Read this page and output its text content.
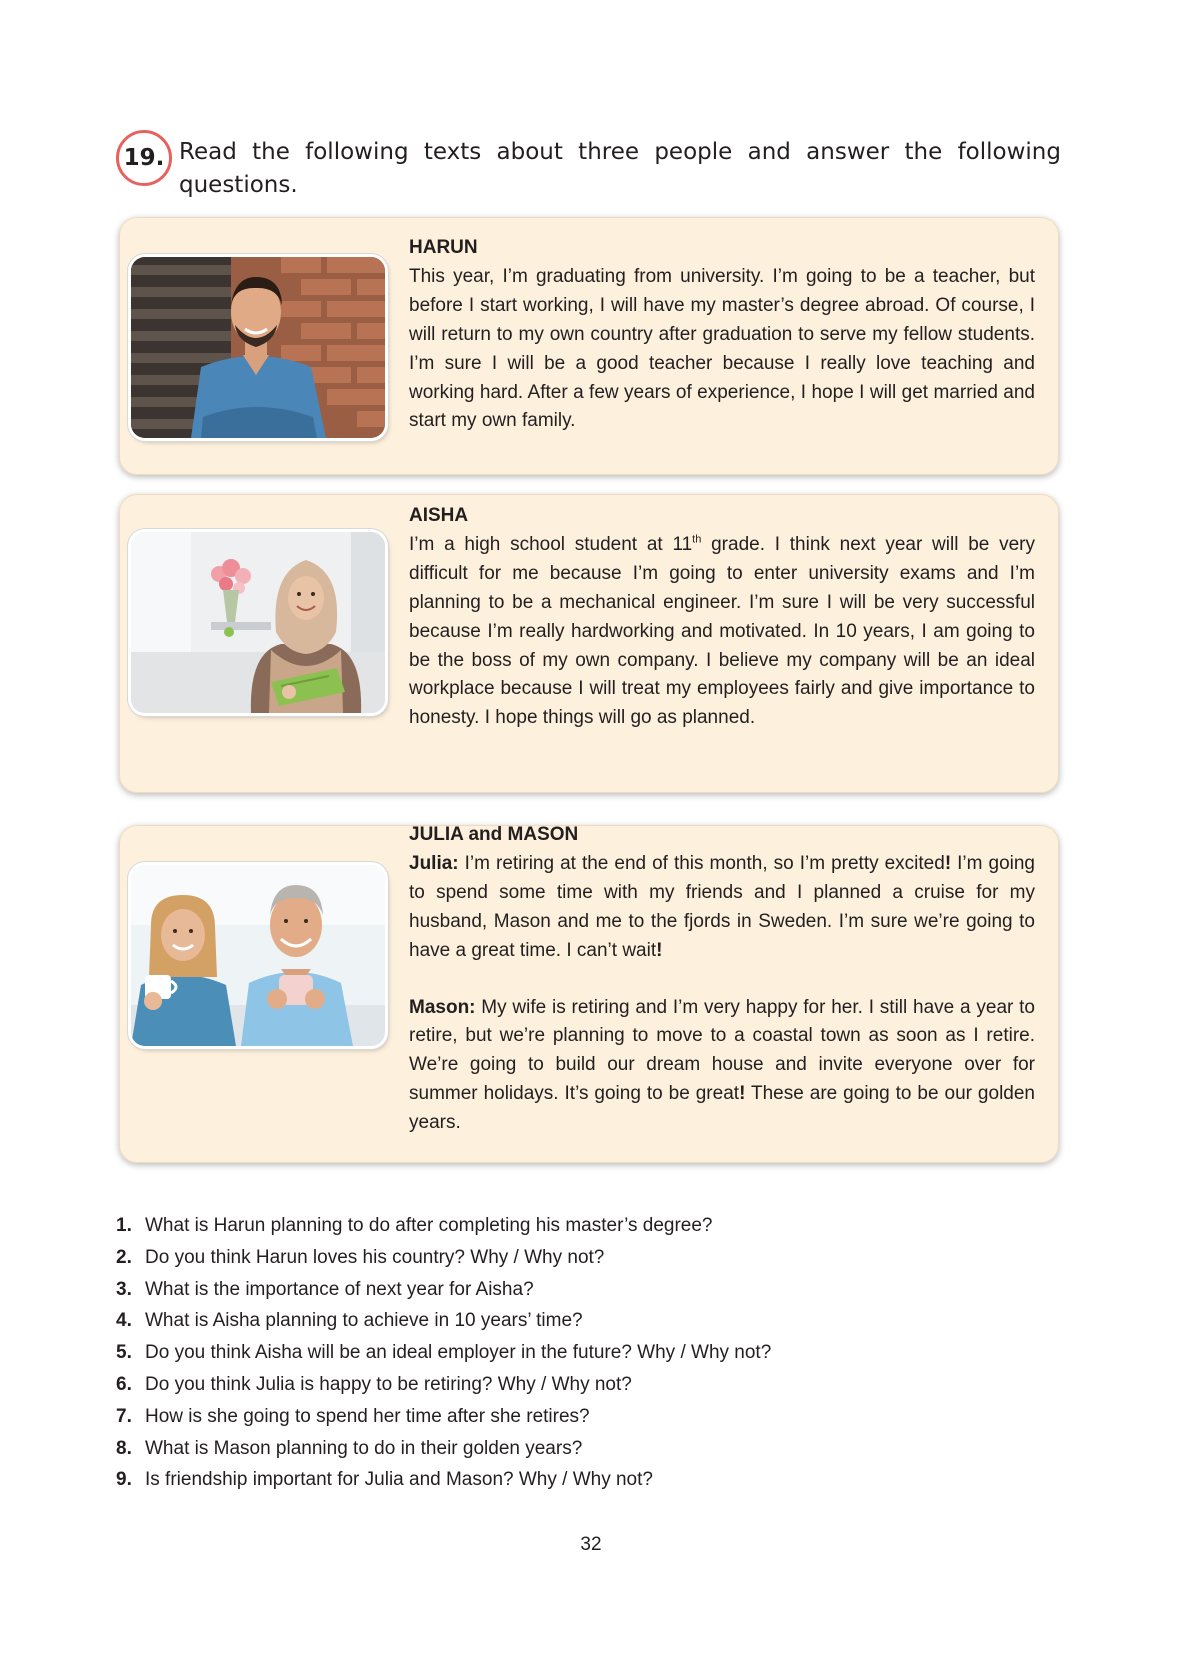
19. Read the following texts about three people and answer the following questions.
HARUN

This year, I’m graduating from university. I’m going to be a teacher, but before I start working, I will have my master’s degree abroad. Of course, I will return to my own country after graduation to serve my fellow students. I’m sure I will be a good teacher because I really love teaching and working hard. After a few years of experience, I hope I will get married and start my own family.

AISHA

I’m a high school student at 11th grade. I think next year will be very difficult for me because I’m going to enter university exams and I’m planning to be a mechanical engineer. I’m sure I will be very successful because I’m really hardworking and motivated. In 10 years, I am going to be the boss of my own company. I believe my company will be an ideal workplace because I will treat my employees fairly and give importance to honesty. I hope things will go as planned.

JULIA and MASON

Julia: I’m retiring at the end of this month, so I’m pretty excited! I’m going to spend some time with my friends and I planned a cruise for my husband, Mason and me to the fjords in Sweden. I’m sure we’re going to have a great time. I can’t wait!

Mason: My wife is retiring and I’m very happy for her. I still have a year to retire, but we’re planning to move to a coastal town as soon as I retire. We’re going to build our dream house and invite everyone over for summer holidays. It’s going to be great! These are going to be our golden years.

1. What is Harun planning to do after completing his master’s degree?
2. Do you think Harun loves his country? Why / Why not?
3. What is the importance of next year for Aisha?
4. What is Aisha planning to achieve in 10 years’ time?
5. Do you think Aisha will be an ideal employer in the future? Why / Why not?
6. Do you think Julia is happy to be retiring? Why / Why not?
7. How is she going to spend her time after she retires?
8. What is Mason planning to do in their golden years?
9. Is friendship important for Julia and Mason? Why / Why not?
32
